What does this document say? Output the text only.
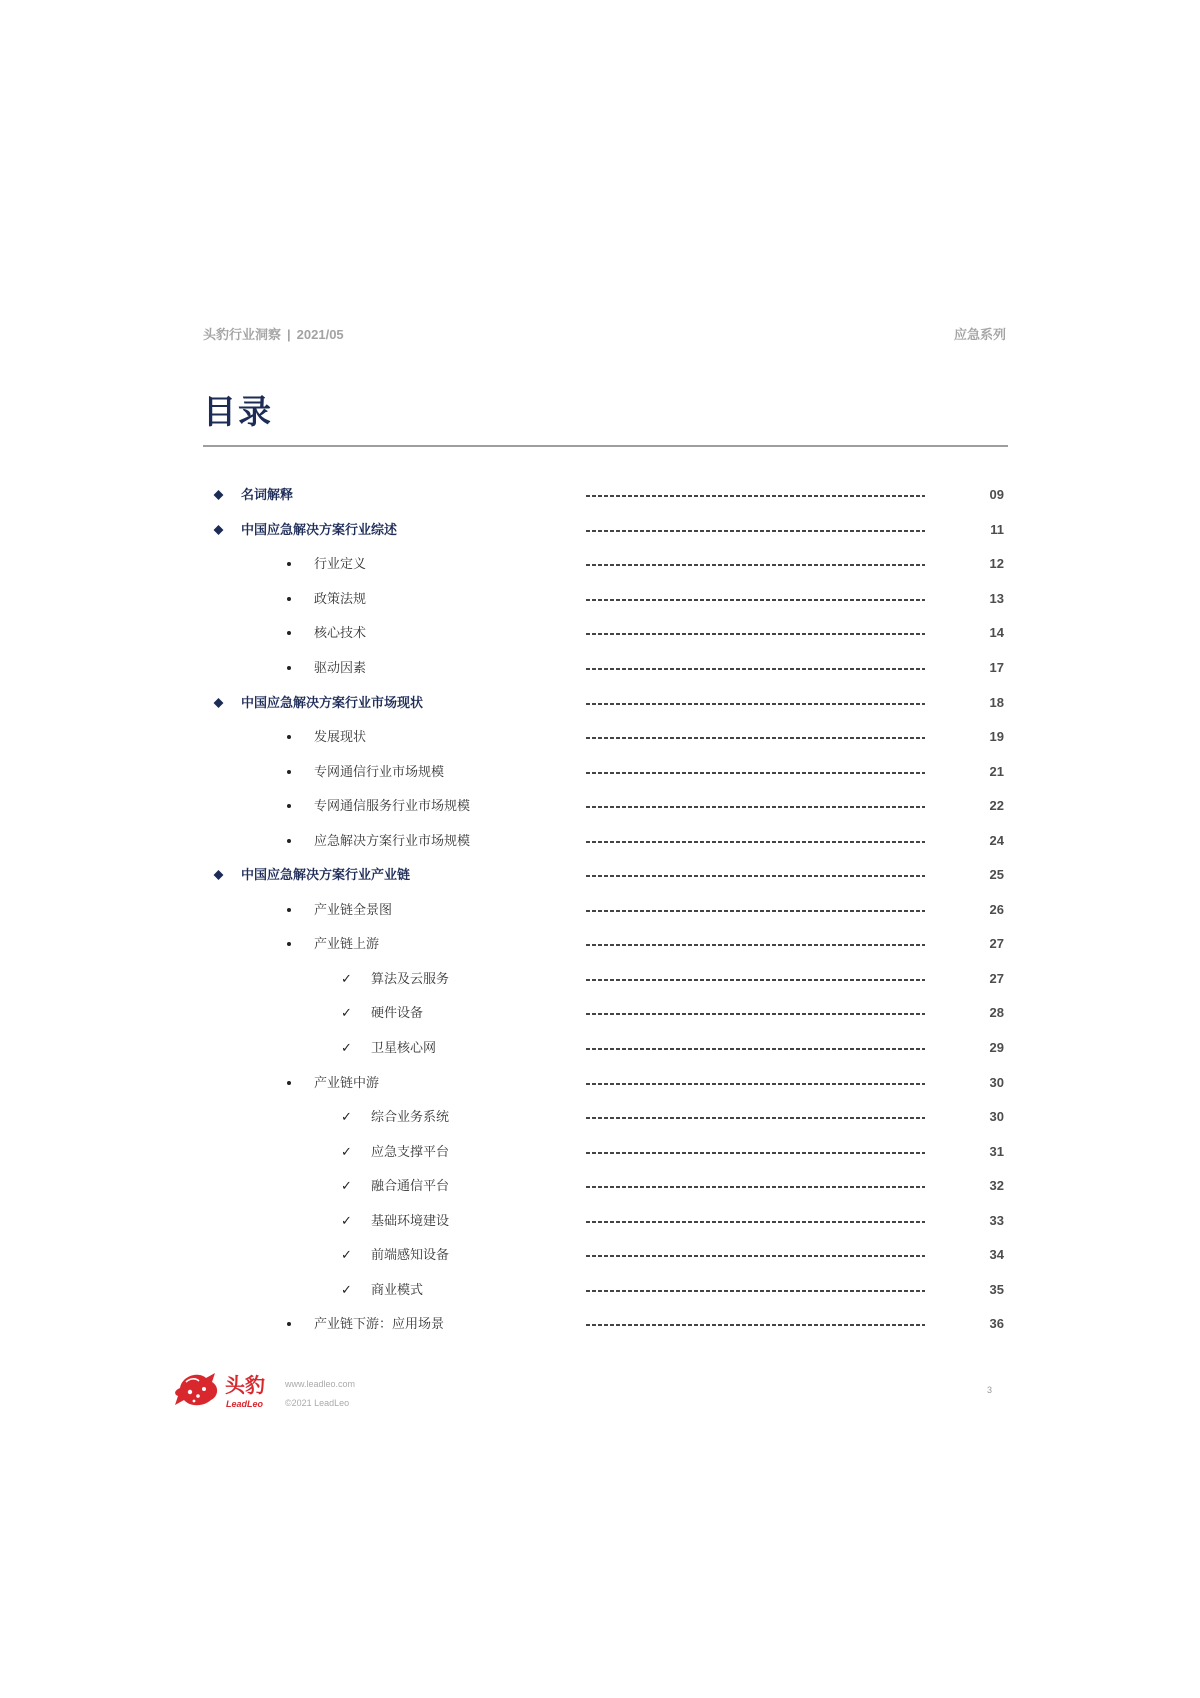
头豹行业洞察 | 2021/05	应急系列
目录
名词解释	09
中国应急解决方案行业综述	11
行业定义	12
政策法规	13
核心技术	14
驱动因素	17
中国应急解决方案行业市场现状	18
发展现状	19
专网通信行业市场规模	21
专网通信服务行业市场规模	22
应急解决方案行业市场规模	24
中国应急解决方案行业产业链	25
产业链全景图	26
产业链上游	27
✓
算法及云服务	27
✓
硬件设备	28
✓
卫星核心网	29
产业链中游	30
✓
综合业务系统	30
✓
应急支撑平台	31
✓
融合通信平台	32
✓
基础环境建设	33
✓
前端感知设备	34
✓
商业模式	35
产业链下游：应用场景	36
头豹
LeadLeo
www.leadleo.com
©2021 LeadLeo
3
